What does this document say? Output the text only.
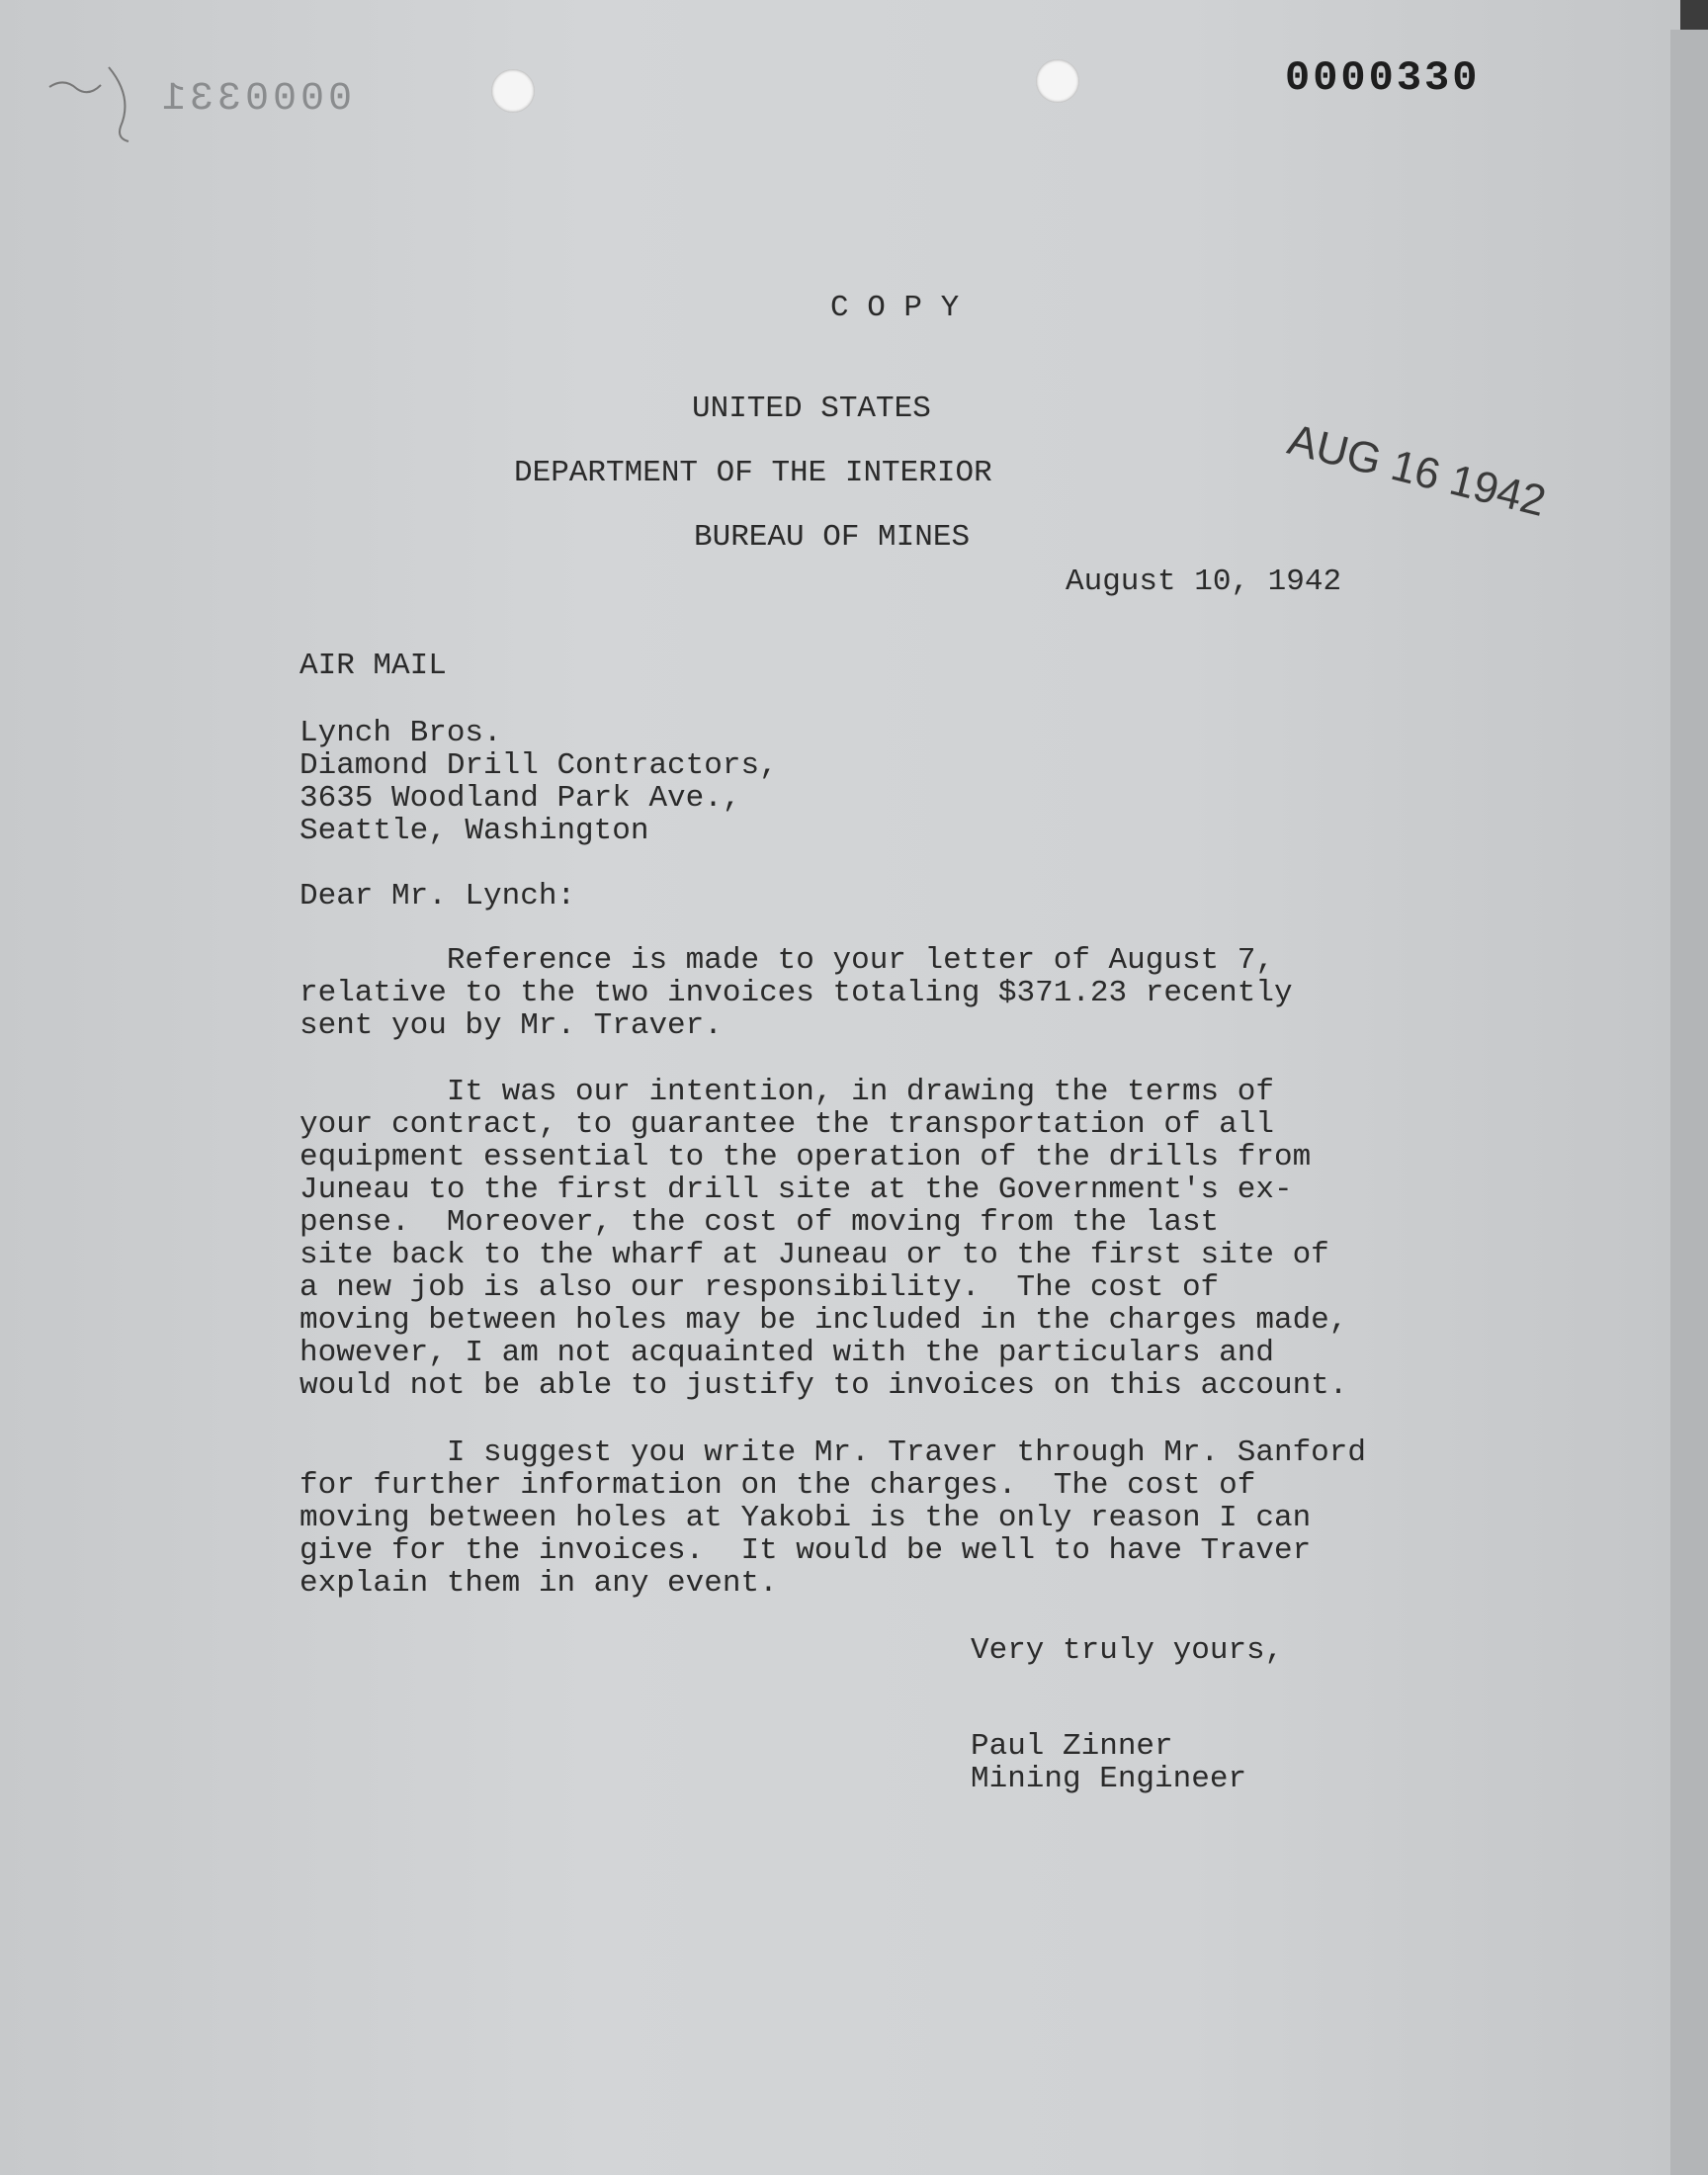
0000331	0000330
AUG 16 1942

C O P Y

UNITED STATES

DEPARTMENT OF THE INTERIOR

BUREAU OF MINES

August 10, 1942

AIR MAIL

Lynch Bros.

Diamond Drill Contractors,

3635 Woodland Park Ave.,

Seattle, Washington

Dear Mr. Lynch:

Reference is made to your letter of August 7,

relative to the two invoices totaling $371.23 recently

sent you by Mr. Traver.

It was our intention, in drawing the terms of

your contract, to guarantee the transportation of all

equipment essential to the operation of the drills from

Juneau to the first drill site at the Government's ex-

pense.  Moreover, the cost of moving from the last

site back to the wharf at Juneau or to the first site of

a new job is also our responsibility.  The cost of

moving between holes may be included in the charges made,

however, I am not acquainted with the particulars and

would not be able to justify to invoices on this account.

I suggest you write Mr. Traver through Mr. Sanford

for further information on the charges.  The cost of

moving between holes at Yakobi is the only reason I can

give for the invoices.  It would be well to have Traver

explain them in any event.

Very truly yours,

Paul Zinner

Mining Engineer
